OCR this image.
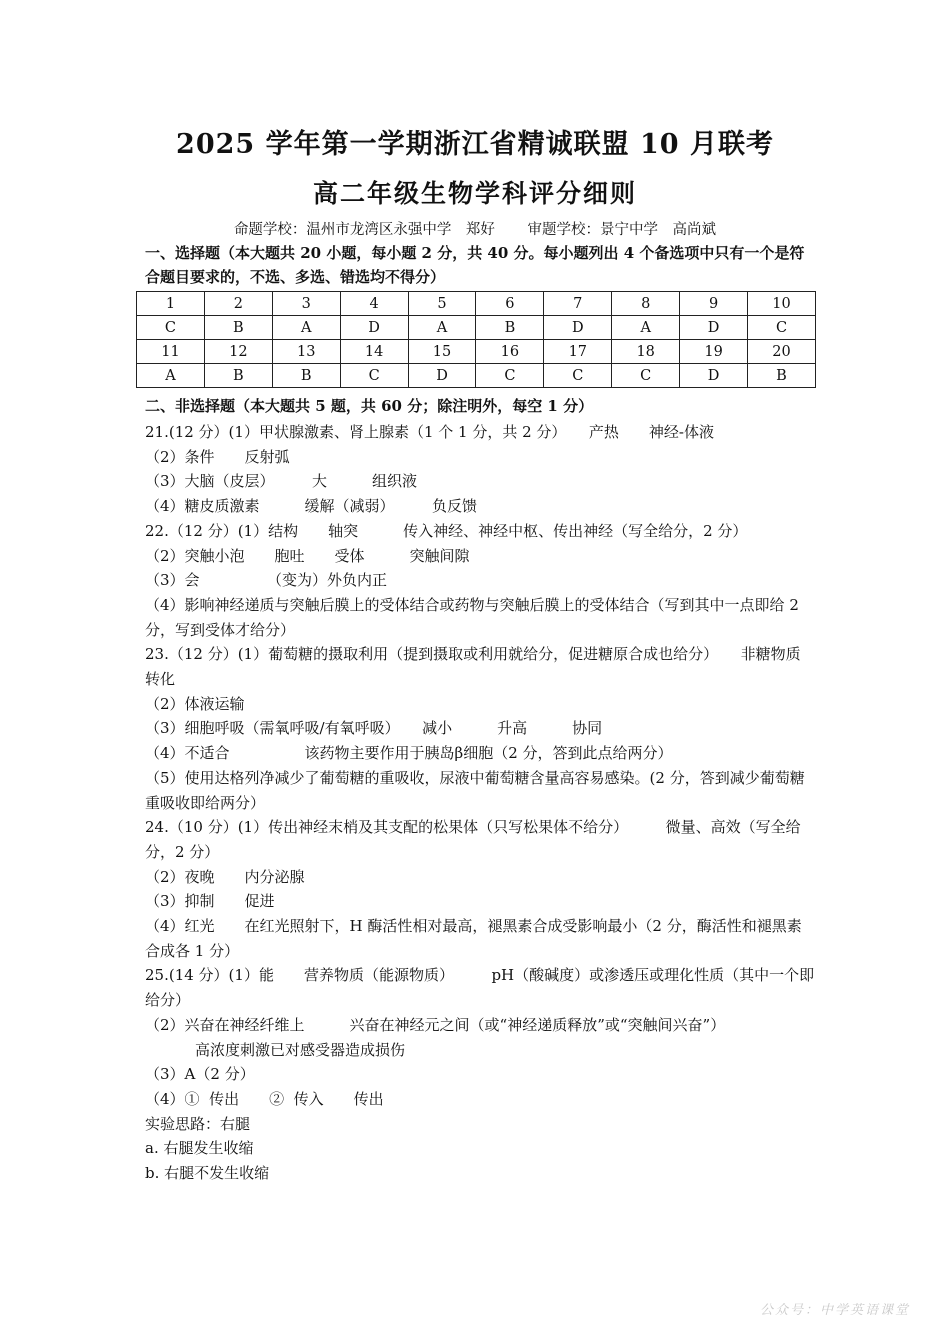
2025 学年第一学期浙江省精诚联盟 10 月联考
高二年级生物学科评分细则
命题学校：温州市龙湾区永强中学　郑好 审题学校：景宁中学　高尚斌
一、选择题（本大题共 20 小题，每小题 2 分，共 40 分。每小题列出 4 个备选项中只有一个是符合题目要求的，不选、多选、错选均不得分）
1	2	3	4	5	6	7	8	9	10
C	B	A	D	A	B	D	A	D	C
11	12	13	14	15	16	17	18	19	20
A	B	B	C	D	C	C	C	D	B
二、非选择题（本大题共 5 题，共 60 分；除注明外，每空 1 分）
21.(12 分）(1）甲状腺激素、肾上腺素（1 个 1 分，共 2 分）　　产热　　神经-体液
（2）条件　　反射弧
（3）大脑（皮层）　　　大　　　组织液
（4）糖皮质激素　　　缓解（减弱）　　　负反馈
22.（12 分）(1）结构　　轴突　　　传入神经、神经中枢、传出神经（写全给分，2 分）
（2）突触小泡　　胞吐　　受体　　　突触间隙
（3）会　　　　　（变为）外负内正
（4）影响神经递质与突触后膜上的受体结合或药物与突触后膜上的受体结合（写到其中一点即给 2 分，写到受体才给分）
23.（12 分）(1）葡萄糖的摄取利用（提到摄取或利用就给分，促进糖原合成也给分）　　非糖物质转化
（2）体液运输
（3）细胞呼吸（需氧呼吸/有氧呼吸）　　减小　　　升高　　　协同
（4）不适合　　　　　该药物主要作用于胰岛β细胞（2 分，答到此点给两分）
（5）使用达格列净减少了葡萄糖的重吸收，尿液中葡萄糖含量高容易感染。(2 分，答到减少葡萄糖重吸收即给两分）
24.（10 分）(1）传出神经末梢及其支配的松果体（只写松果体不给分）　　　微量、高效（写全给分，2 分）
（2）夜晚　　内分泌腺
（3）抑制　　促进
（4）红光　　在红光照射下，H 酶活性相对最高，褪黑素合成受影响最小（2 分，酶活性和褪黑素合成各 1 分）
25.(14 分）(1）能　　营养物质（能源物质）　　　pH（酸碱度）或渗透压或理化性质（其中一个即给分）
（2）兴奋在神经纤维上　　　兴奋在神经元之间（或“神经递质释放”或“突触间兴奋”）
高浓度刺激已对感受器造成损伤
（3）A（2 分）
（4）①  传出　　②  传入　　传出
实验思路：右腿
a. 右腿发生收缩
b. 右腿不发生收缩
公众号：中学英语课堂
